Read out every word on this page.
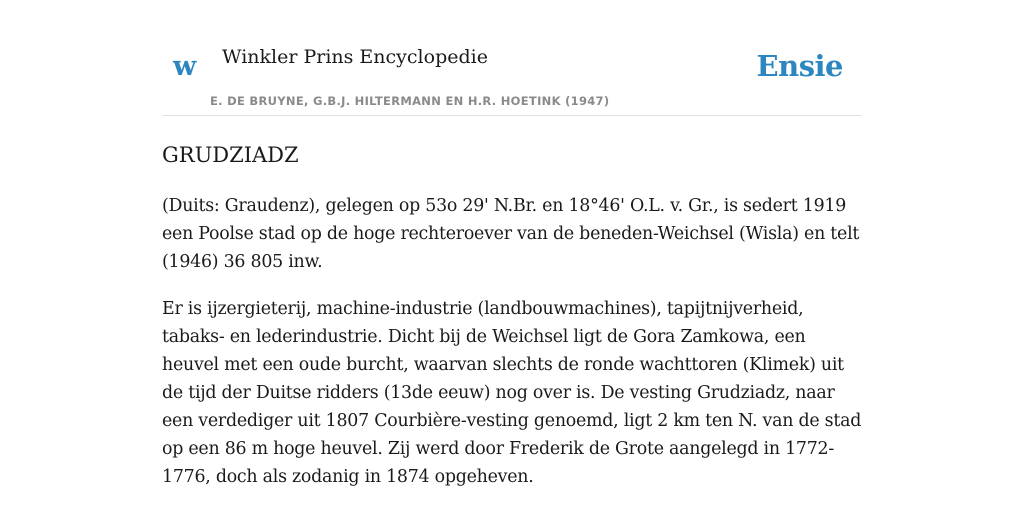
w Winkler Prins Encyclopedie
E. DE BRUYNE, G.B.J. HILTERMANN EN H.R. HOETINK (1947)
Ensie
GRUDZIADZ

(Duits: Graudenz), gelegen op 53o 29' N.Br. en 18°46' O.L. v. Gr., is sedert 1919 een Poolse stad op de hoge rechteroever van de beneden-Weichsel (Wisla) en telt (1946) 36 805 inw.

Er is ijzergieterij, machine-industrie (landbouwmachines), tapijtnijverheid, tabaks- en lederindustrie. Dicht bij de Weichsel ligt de Gora Zamkowa, een heuvel met een oude burcht, waarvan slechts de ronde wachttoren (Klimek) uit de tijd der Duitse ridders (13de eeuw) nog over is. De vesting Grudziadz, naar een verdediger uit 1807 Courbière-vesting genoemd, ligt 2 km ten N. van de stad op een 86 m hoge heuvel. Zij werd door Frederik de Grote aangelegd in 1772-1776, doch als zodanig in 1874 opgeheven.
